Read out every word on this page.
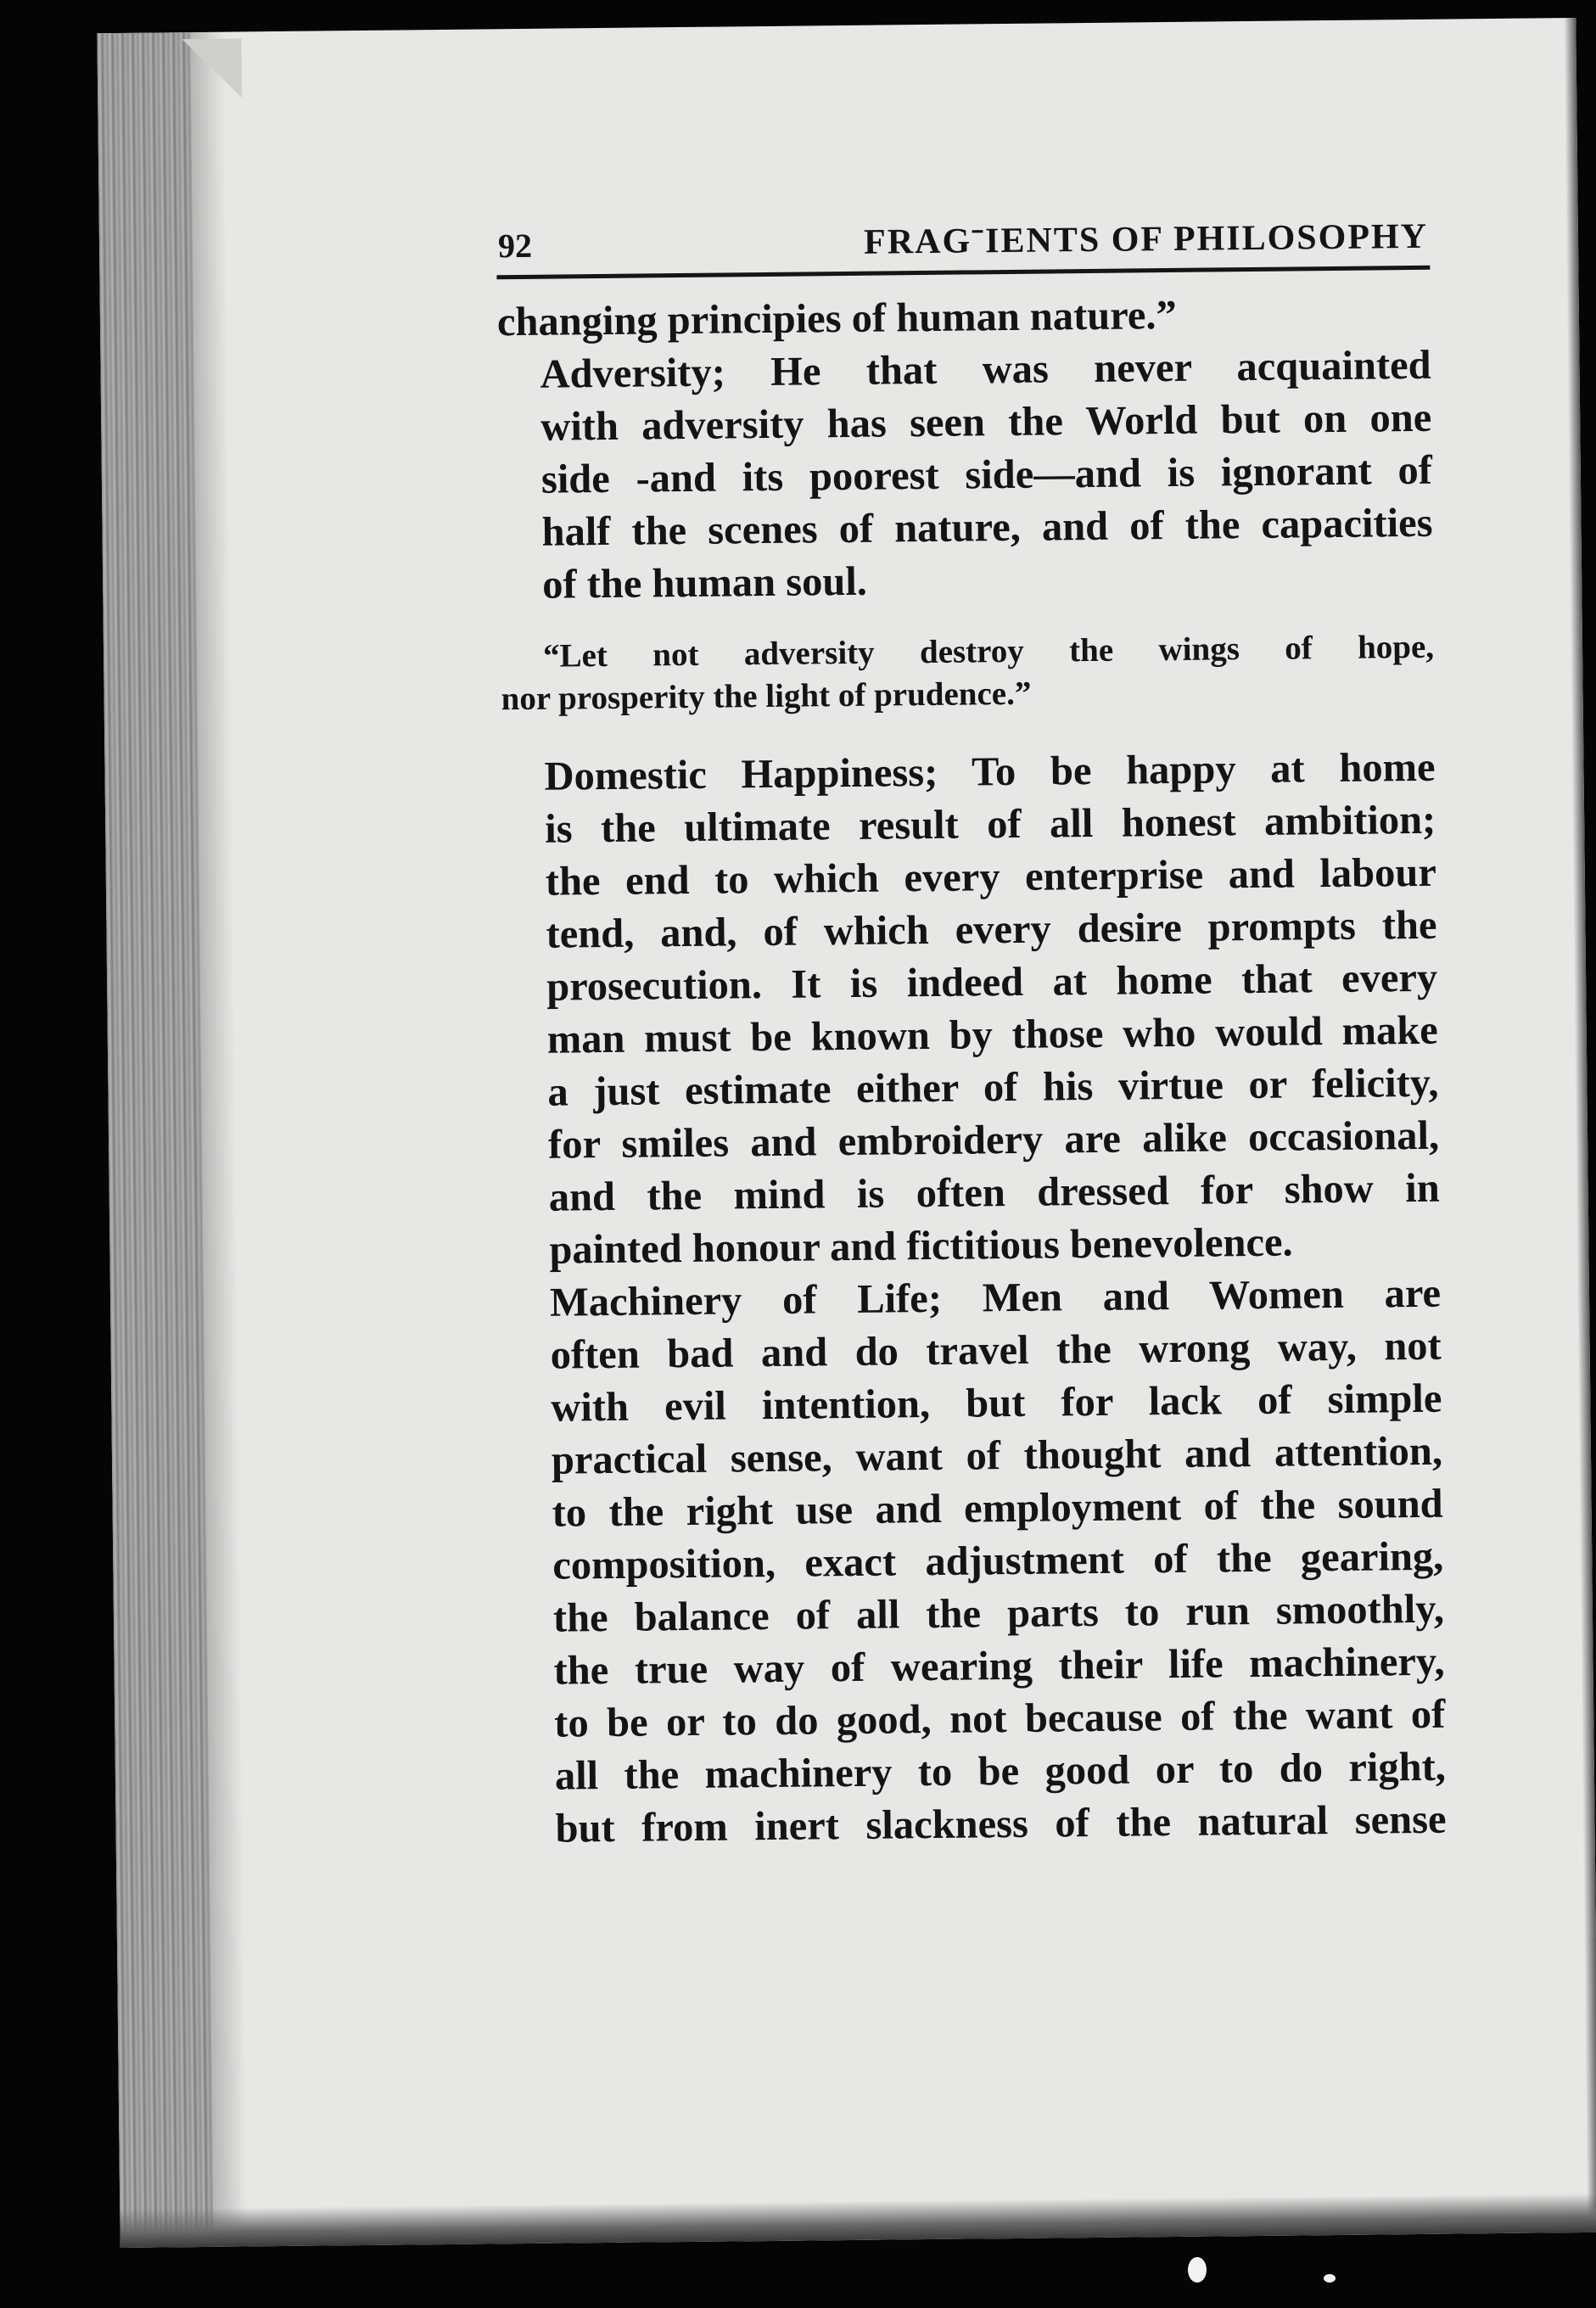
92	FRAGˉIENTS OF PHILOSOPHY

changing principies of human nature.”

Adversity; He that was never acquainted
with adversity has seen the World but on one
side -and its poorest side—and is ignorant of
half the scenes of nature, and of the capacities
of the human soul.

“Let not adversity destroy the wings of hope,
nor prosperity the light of prudence.”

Domestic Happiness; To be happy at home
is the ultimate result of all honest ambition;
the end to which every enterprise and labour
tend, and, of which every desire prompts the
prosecution. It is indeed at home that every
man must be known by those who would make
a just estimate either of his virtue or felicity,
for smiles and embroidery are alike occasional,
and the mind is often dressed for show in
painted honour and fictitious benevolence.

Machinery of Life; Men and Women are
often bad and do travel the wrong way, not
with evil intention, but for lack of simple
practical sense, want of thought and attention,
to the right use and employment of the sound
composition, exact adjustment of the gearing,
the balance of all the parts to run smoothly,
the true way of wearing their life machinery,
to be or to do good, not because of the want of
all the machinery to be good or to do right,
but from inert slackness of the natural sense
